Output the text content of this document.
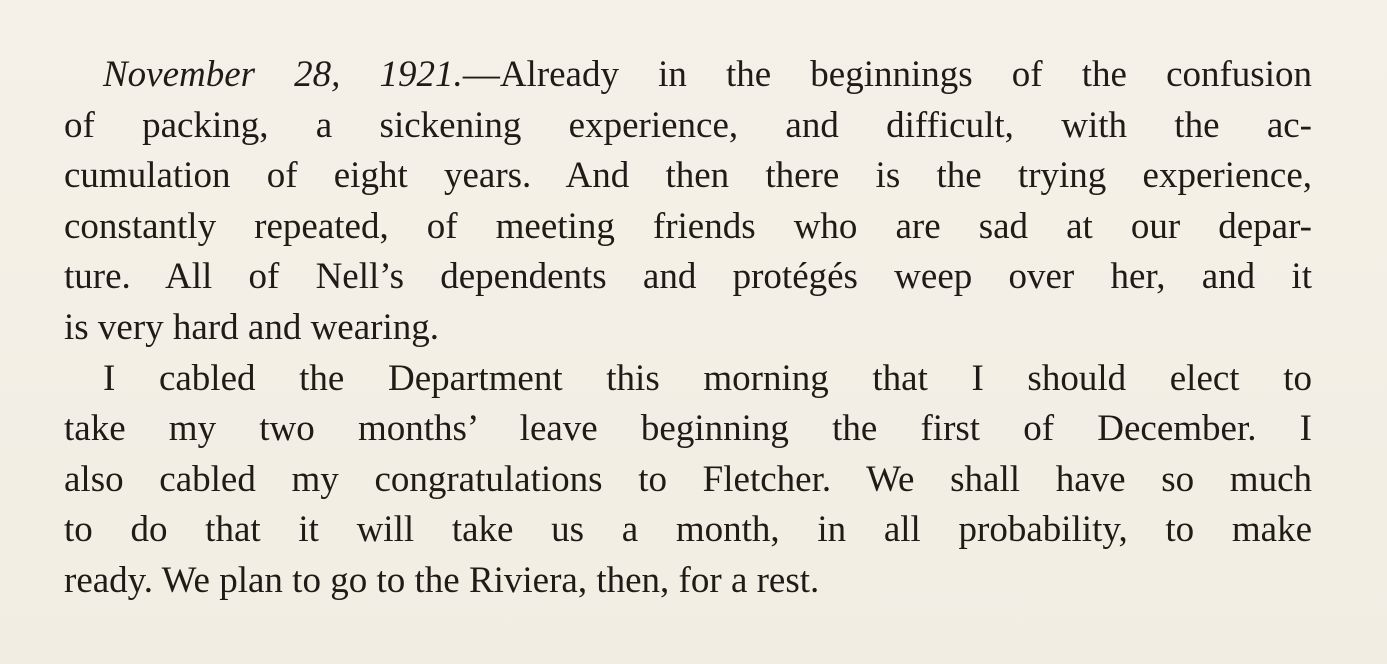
November 28, 1921.—Already in the beginnings of the confusion
of packing, a sickening experience, and difficult, with the ac-
cumulation of eight years. And then there is the trying experience,
constantly repeated, of meeting friends who are sad at our depar-
ture. All of Nell’s dependents and protégés weep over her, and it
is very hard and wearing.
I cabled the Department this morning that I should elect to
take my two months’ leave beginning the first of December. I
also cabled my congratulations to Fletcher. We shall have so much
to do that it will take us a month, in all probability, to make
ready. We plan to go to the Riviera, then, for a rest.
